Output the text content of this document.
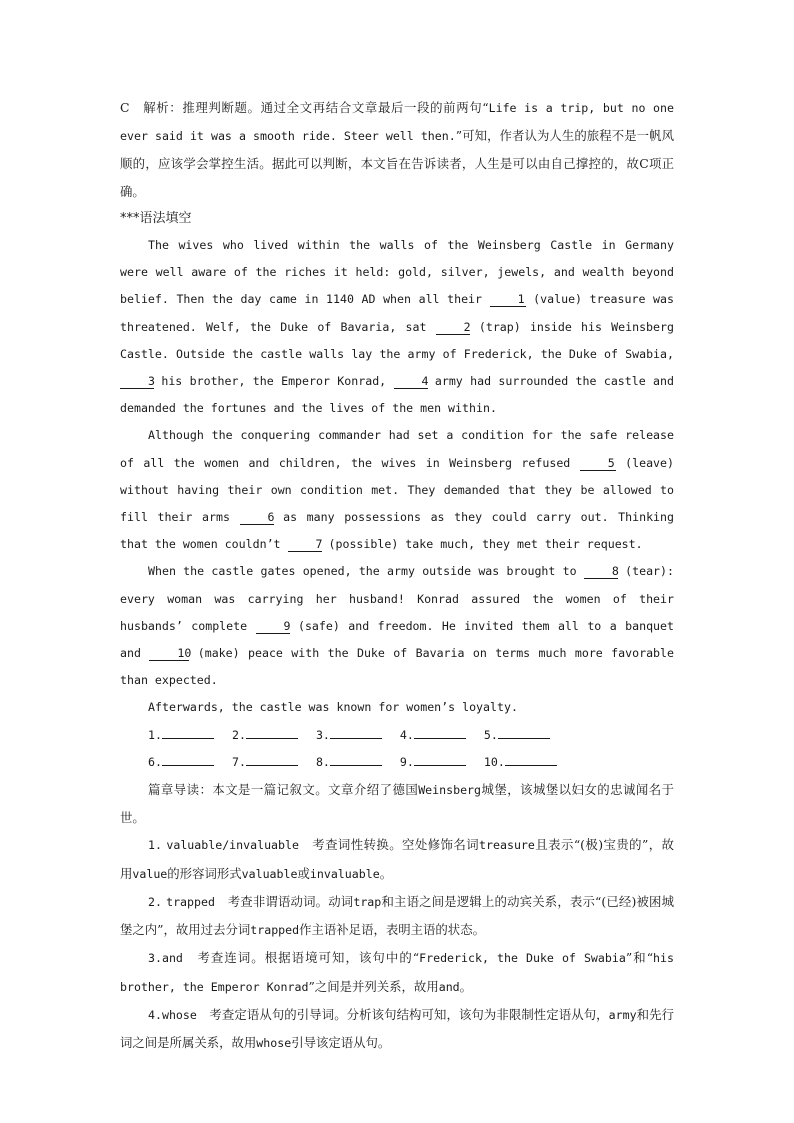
C　 解析：推理判断题。通过全文再结合文章最后一段的前两句“Life is a trip, but no one ever said it was a smooth ride. Steer well then.”可知，作者认为人生的旅程不是一帆风顺的，应该学会掌控生活。据此可以判断，本文旨在告诉读者，人生是可以由自己撑控的，故C项正确。

***语法填空

The wives who lived within the walls of the Weinsberg Castle in Germany were well aware of the riches it held: gold, silver, jewels, and wealth beyond belief. Then the day came in 1140 AD when all their 1 (value) treasure was threatened. Welf, the Duke of Bavaria, sat 2 (trap) inside his Weinsberg Castle. Outside the castle walls lay the army of Frederick, the Duke of Swabia, 3 his brother, the Emperor Konrad, 4 army had surrounded the castle and demanded the fortunes and the lives of the men within.

Although the conquering commander had set a condition for the safe release of all the women and children, the wives in Weinsberg refused 5 (leave) without having their own condition met. They demanded that they be allowed to fill their arms 6 as many possessions as they could carry out. Thinking that the women couldn’t 7 (possible) take much, they met their request.

When the castle gates opened, the army outside was brought to 8 (tear): every woman was carrying her husband! Konrad assured the women of their husbands’ complete 9 (safe) and freedom. He invited them all to a banquet and 10 (make) peace with the Duke of Bavaria on terms much more favorable than expected.

Afterwards, the castle was known for women’s loyalty.

1.	2.	3.	4.	5.

6.	7.	8.	9.	10.

篇章导读：本文是一篇记叙文。文章介绍了德国Weinsberg城堡，该城堡以妇女的忠诚闻名于世。

1. valuable/invaluable　考查词性转换。空处修饰名词treasure且表示“(极)宝贵的”，故用value的形容词形式valuable或invaluable。

2. trapped　考查非谓语动词。动词trap和主语之间是逻辑上的动宾关系，表示“(已经)被困城堡之内”，故用过去分词trapped作主语补足语，表明主语的状态。

3.and　考查连词。根据语境可知，该句中的“Frederick, the Duke of Swabia”和“his brother, the Emperor Konrad”之间是并列关系，故用and。

4.whose　考查定语从句的引导词。分析该句结构可知，该句为非限制性定语从句，army和先行词之间是所属关系，故用whose引导该定语从句。
